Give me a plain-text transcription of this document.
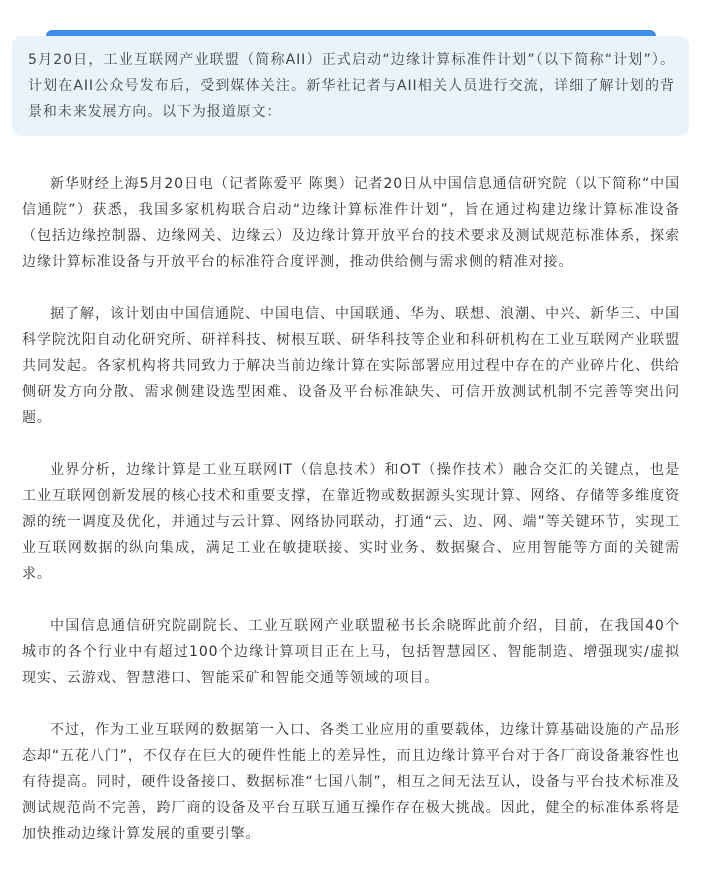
5月20日，工业互联网产业联盟（简称AII）正式启动“边缘计算标准件计划”（以下简称“计划”）。计划在AII公众号发布后，受到媒体关注。新华社记者与AII相关人员进行交流，详细了解计划的背景和未来发展方向。以下为报道原文：

新华财经上海5月20日电（记者陈爱平 陈奥）记者20日从中国信息通信研究院（以下简称“中国信通院”）获悉，我国多家机构联合启动“边缘计算标准件计划”，旨在通过构建边缘计算标准设备（包括边缘控制器、边缘网关、边缘云）及边缘计算开放平台的技术要求及测试规范标准体系，探索边缘计算标准设备与开放平台的标准符合度评测，推动供给侧与需求侧的精准对接。

据了解，该计划由中国信通院、中国电信、中国联通、华为、联想、浪潮、中兴、新华三、中国科学院沈阳自动化研究所、研祥科技、树根互联、研华科技等企业和科研机构在工业互联网产业联盟共同发起。各家机构将共同致力于解决当前边缘计算在实际部署应用过程中存在的产业碎片化、供给侧研发方向分散、需求侧建设选型困难、设备及平台标准缺失、可信开放测试机制不完善等突出问题。

业界分析，边缘计算是工业互联网IT（信息技术）和OT（操作技术）融合交汇的关键点，也是工业互联网创新发展的核心技术和重要支撑，在靠近物或数据源头实现计算、网络、存储等多维度资源的统一调度及优化，并通过与云计算、网络协同联动，打通“云、边、网、端”等关键环节，实现工业互联网数据的纵向集成，满足工业在敏捷联接、实时业务、数据聚合、应用智能等方面的关键需求。

中国信息通信研究院副院长、工业互联网产业联盟秘书长余晓晖此前介绍，目前，在我国40个城市的各个行业中有超过100个边缘计算项目正在上马，包括智慧园区、智能制造、增强现实/虚拟现实、云游戏、智慧港口、智能采矿和智能交通等领域的项目。

不过，作为工业互联网的数据第一入口、各类工业应用的重要载体，边缘计算基础设施的产品形态却“五花八门”，不仅存在巨大的硬件性能上的差异性，而且边缘计算平台对于各厂商设备兼容性也有待提高。同时，硬件设备接口、数据标准“七国八制”，相互之间无法互认，设备与平台技术标准及测试规范尚不完善，跨厂商的设备及平台互联互通互操作存在极大挑战。因此，健全的标准体系将是加快推动边缘计算发展的重要引擎。
